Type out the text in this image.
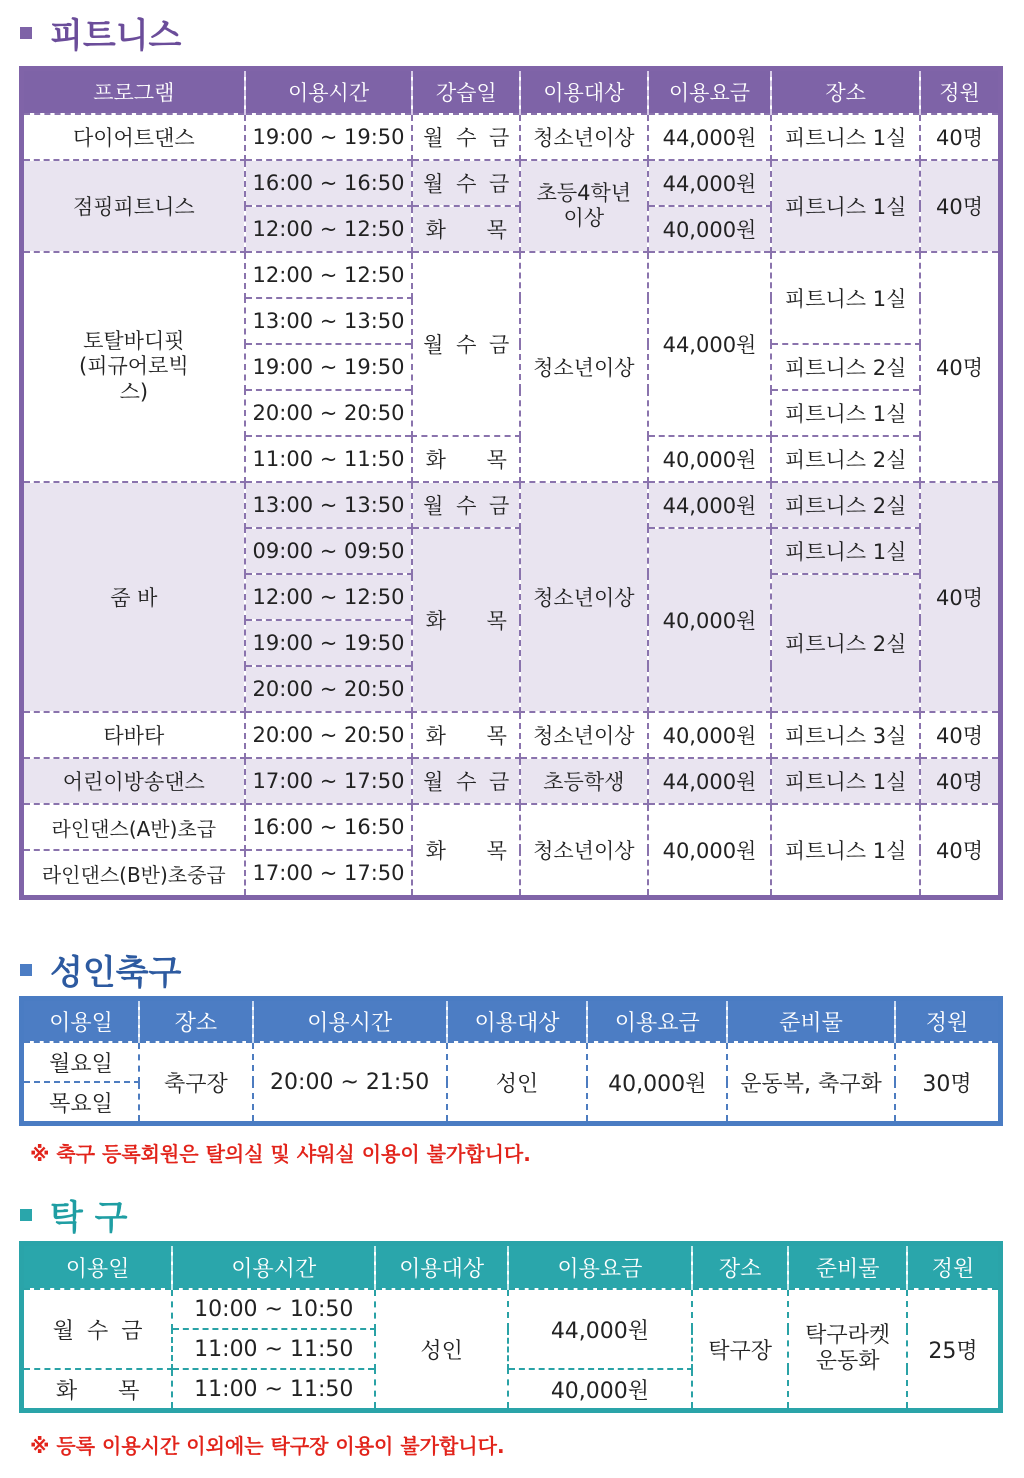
피트니스
프로그램	이용시간	강습일	이용대상	이용요금	장소	정원
다이어트댄스	19:00 ~ 19:50	월 수 금	청소년이상	44,000원	피트니스 1실	40명
점핑피트니스	16:00 ~ 16:50	월 수 금	초등4학년 이상	44,000원	피트니스 1실	40명
	12:00 ~ 12:50	화 목		40,000원		
토탈바디핏 (피규어로빅스)	12:00 ~ 12:50	월 수 금	청소년이상	44,000원	피트니스 1실	40명
	13:00 ~ 13:50					
	19:00 ~ 19:50				피트니스 2실	
	20:00 ~ 20:50				피트니스 1실	
	11:00 ~ 11:50	화 목		40,000원	피트니스 2실	
줌 바	13:00 ~ 13:50	월 수 금	청소년이상	44,000원	피트니스 2실	40명
	09:00 ~ 09:50	화 목		40,000원	피트니스 1실	
	12:00 ~ 12:50				피트니스 2실	
	19:00 ~ 19:50					
	20:00 ~ 20:50					
타바타	20:00 ~ 20:50	화 목	청소년이상	40,000원	피트니스 3실	40명
어린이방송댄스	17:00 ~ 17:50	월 수 금	초등학생	44,000원	피트니스 1실	40명
라인댄스(A반)초급	16:00 ~ 16:50	화 목	청소년이상	40,000원	피트니스 1실	40명
라인댄스(B반)초중급	17:00 ~ 17:50					
성인축구
이용일	장소	이용시간	이용대상	이용요금	준비물	정원
월요일	축구장	20:00 ~ 21:50	성인	40,000원	운동복, 축구화	30명
목요일						
※ 축구 등록회원은 탈의실 및 샤워실 이용이 불가합니다.
탁 구
이용일	이용시간	이용대상	이용요금	장소	준비물	정원
월 수 금	10:00 ~ 10:50	성인	44,000원	탁구장	탁구라켓 운동화	25명
	11:00 ~ 11:50					
화 목	11:00 ~ 11:50		40,000원			
※ 등록 이용시간 이외에는 탁구장 이용이 불가합니다.
